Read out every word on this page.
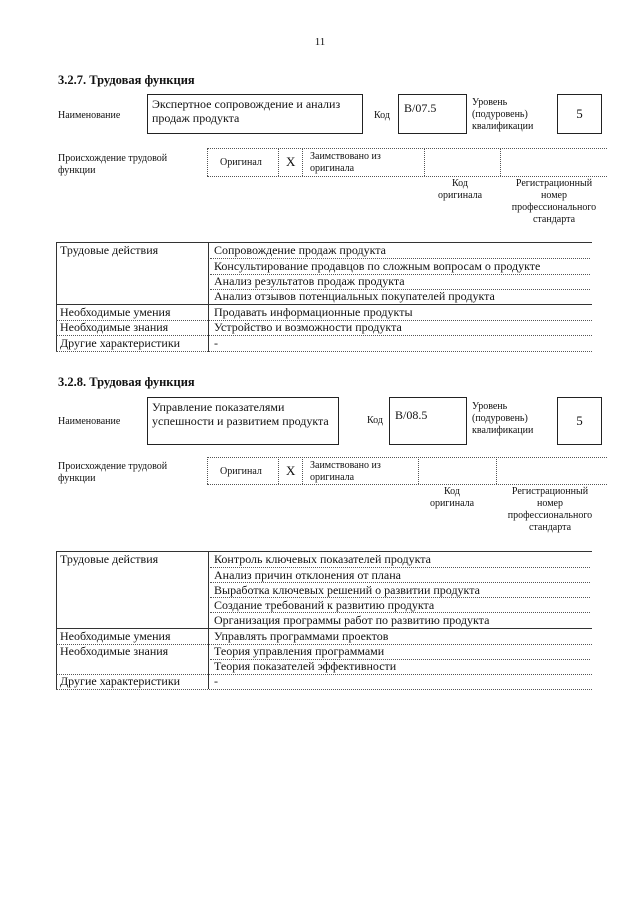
11
3.2.7. Трудовая функция
Наименование
Экспертное сопровождение и анализ продаж продукта	Код
B/07.5	Уровень (подуровень) квалификации
5
Происхождение трудовой функции
Оригинал X Заимствовано из оригинала
Код оригинала
Регистрационный номер профессионального стандарта
Трудовые действия	Сопровождение продаж продукта
Консультирование продавцов по сложным вопросам о продукте
Анализ результатов продаж продукта
Анализ отзывов потенциальных покупателей продукта
Необходимые умения	Продавать информационные продукты
Необходимые знания	Устройство и возможности продукта
Другие характеристики	-
3.2.8. Трудовая функция
Наименование
Управление показателями успешности и развитием продукта	Код	B/08.5
Уровень (подуровень) квалификации
5
Происхождение трудовой функции
Оригинал X Заимствовано из оригинала
Код оригинала
Регистрационный номер профессионального стандарта
Трудовые действия	Контроль ключевых показателей продукта
Анализ причин отклонения от плана
Выработка ключевых решений о развитии продукта
Создание требований к развитию продукта
Организация программы работ по развитию продукта
Необходимые умения	Управлять программами проектов
Необходимые знания	Теория управления программами
Теория показателей эффективности
Другие характеристики	-
